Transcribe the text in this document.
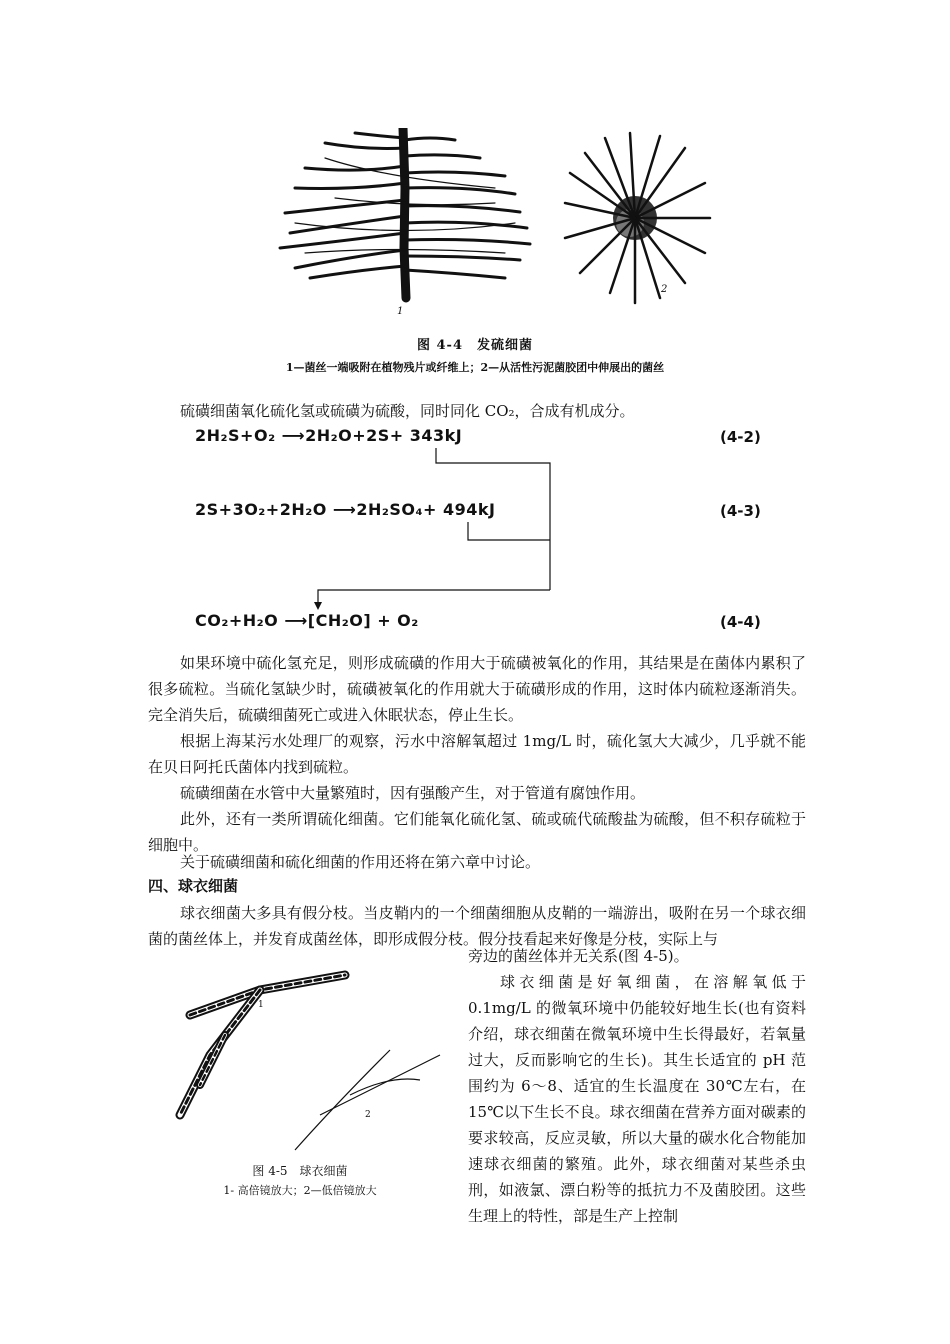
1
2
图 4-4　发硫细菌
1—菌丝一端吸附在植物残片或纤维上；2—从活性污泥菌胶团中伸展出的菌丝
硫磺细菌氧化硫化氢或硫磺为硫酸，同时同化 CO₂，合成有机成分。
2H₂S+O₂ ⟶2H₂O+2S+ 343kJ	(4-2)
2S+3O₂+2H₂O ⟶2H₂SO₄+ 494kJ	(4-3)
CO₂+H₂O ⟶[CH₂O] + O₂	(4-4)
如果环境中硫化氢充足，则形成硫磺的作用大于硫磺被氧化的作用，其结果是在菌体内累积了很多硫粒。当硫化氢缺少时，硫磺被氧化的作用就大于硫磺形成的作用，这时体内硫粒逐渐消失。完全消失后，硫磺细菌死亡或进入休眠状态，停止生长。
根据上海某污水处理厂的观察，污水中溶解氧超过 1mg/L 时，硫化氢大大减少，几乎就不能在贝日阿托氏菌体内找到硫粒。
硫磺细菌在水管中大量繁殖时，因有强酸产生，对于管道有腐蚀作用。
此外，还有一类所谓硫化细菌。它们能氧化硫化氢、硫或硫代硫酸盐为硫酸，但不积存硫粒于细胞中。
关于硫磺细菌和硫化细菌的作用还将在第六章中讨论。
四、球衣细菌
球衣细菌大多具有假分枝。当皮鞘内的一个细菌细胞从皮鞘的一端游出，吸附在另一个球衣细菌的菌丝体上，并发育成菌丝体，即形成假分枝。假分技看起来好像是分枝，实际上与
1
2
图 4-5　球衣细菌
1- 高倍镜放大；2—低倍镜放大
旁边的菌丝体并无关系(图 4-5)。
球衣细菌是好氧细菌，在溶解氧低于 0.1mg/L 的微氧环境中仍能较好地生长(也有资料介绍，球衣细菌在微氧环境中生长得最好，若氧量过大，反而影响它的生长)。其生长适宜的 pH 范围约为 6～8、适宜的生长温度在 30℃左右，在 15℃以下生长不良。球衣细菌在营养方面对碳素的要求较高，反应灵敏，所以大量的碳水化合物能加速球衣细菌的繁殖。此外，球衣细菌对某些杀虫刑，如液氯、漂白粉等的抵抗力不及菌胶团。这些生理上的特性，部是生产上控制
